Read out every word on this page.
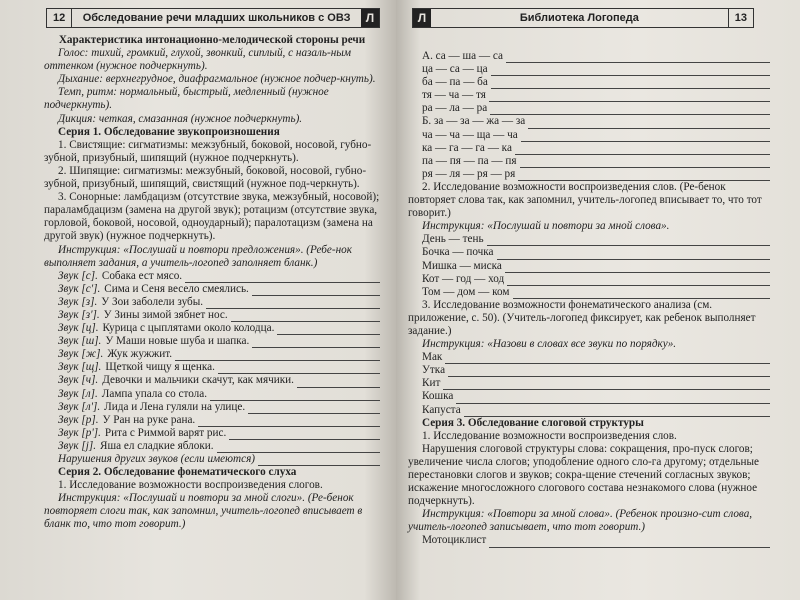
12	Обследование речи младших школьников с ОВЗ	Л

Характеристика интонационно-мелодической стороны речи

Голос: тихий, громкий, глухой, звонкий, сиплый, с назаль-ным оттенком (нужное подчеркнуть).

Дыхание: верхнегрудное, диафрагмальное (нужное подчер-кнуть).

Темп, ритм: нормальный, быстрый, медленный (нужное подчеркнуть).

Дикция: четкая, смазанная (нужное подчеркнуть).

Серия 1. Обследование звукопроизношения

1. Свистящие: сигматизмы: межзубный, боковой, носовой, губно-зубной, призубный, шипящий (нужное подчеркнуть).

2. Шипящие: сигматизмы: межзубный, боковой, носовой, губно-зубной, призубный, шипящий, свистящий (нужное под-черкнуть).

3. Сонорные: ламбдацизм (отсутствие звука, межзубный, носовой); параламбдацизм (замена на другой звук); ротацизм (отсутствие звука, горловой, боковой, носовой, одноударный); паралотацизм (замена на другой звук) (нужное подчеркнуть).

Инструкция: «Послушай и повтори предложения». (Ребе-нок выполняет задания, а учитель-логопед заполняет бланк.)

Звук [с]. Собака ест мясо.
Звук [с']. Сима и Сеня весело смеялись.
Звук [з]. У Зои заболели зубы.
Звук [з']. У Зины зимой зябнет нос.
Звук [ц]. Курица с цыплятами около колодца.
Звук [ш]. У Маши новые шуба и шапка.
Звук [ж]. Жук жужжит.
Звук [щ]. Щеткой чищу я щенка.
Звук [ч]. Девочки и мальчики скачут, как мячики.
Звук [л]. Лампа упала со стола.
Звук [л']. Лида и Лена гуляли на улице.
Звук [р]. У Ран на руке рана.
Звук [р']. Рита с Риммой варят рис.
Звук [j]. Яша ел сладкие яблоки.
Нарушения других звуков (если имеются)

Серия 2. Обследование фонематического слуха

1. Исследование возможности воспроизведения слогов.

Инструкция: «Послушай и повтори за мной слоги». (Ре-бенок повторяет слоги так, как запомнил, учитель-логопед вписывает в бланк то, что тот говорит.)

Л	Библиотека Логопеда	13
А. са — ша — са
ца — са — ца
ба — па — ба
тя — ча — тя
ра — ла — ра
Б. за — за — жа — за
ча — ча — ща — ча
ка — га — га — ка
па — пя — па — пя
ря — ля — ря — ря

2. Исследование возможности воспроизведения слов. (Ре-бенок повторяет слова так, как запомнил, учитель-логопед вписывает то, что тот говорит.)

Инструкция: «Послушай и повтори за мной слова».

День — тень
Бочка — почка
Мишка — миска
Кот — год — ход
Том — дом — ком

3. Исследование возможности фонематического анализа (см. приложение, с. 50). (Учитель-логопед фиксирует, как ребенок выполняет задание.)

Инструкция: «Назови в словах все звуки по порядку».

Мак
Утка
Кит
Кошка
Капуста

Серия 3. Обследование слоговой структуры

1. Исследование возможности воспроизведения слов.

Нарушения слоговой структуры слова: сокращения, про-пуск слогов; увеличение числа слогов; уподобление одного сло-га другому; отдельные перестановки слогов и звуков; сокра-щение стечений согласных звуков; искажение многосложного слогового состава незнакомого слова (нужное подчеркнуть).

Инструкция: «Повтори за мной слова». (Ребенок произно-сит слова, учитель-логопед записывает, что тот говорит.)

Мотоциклист
